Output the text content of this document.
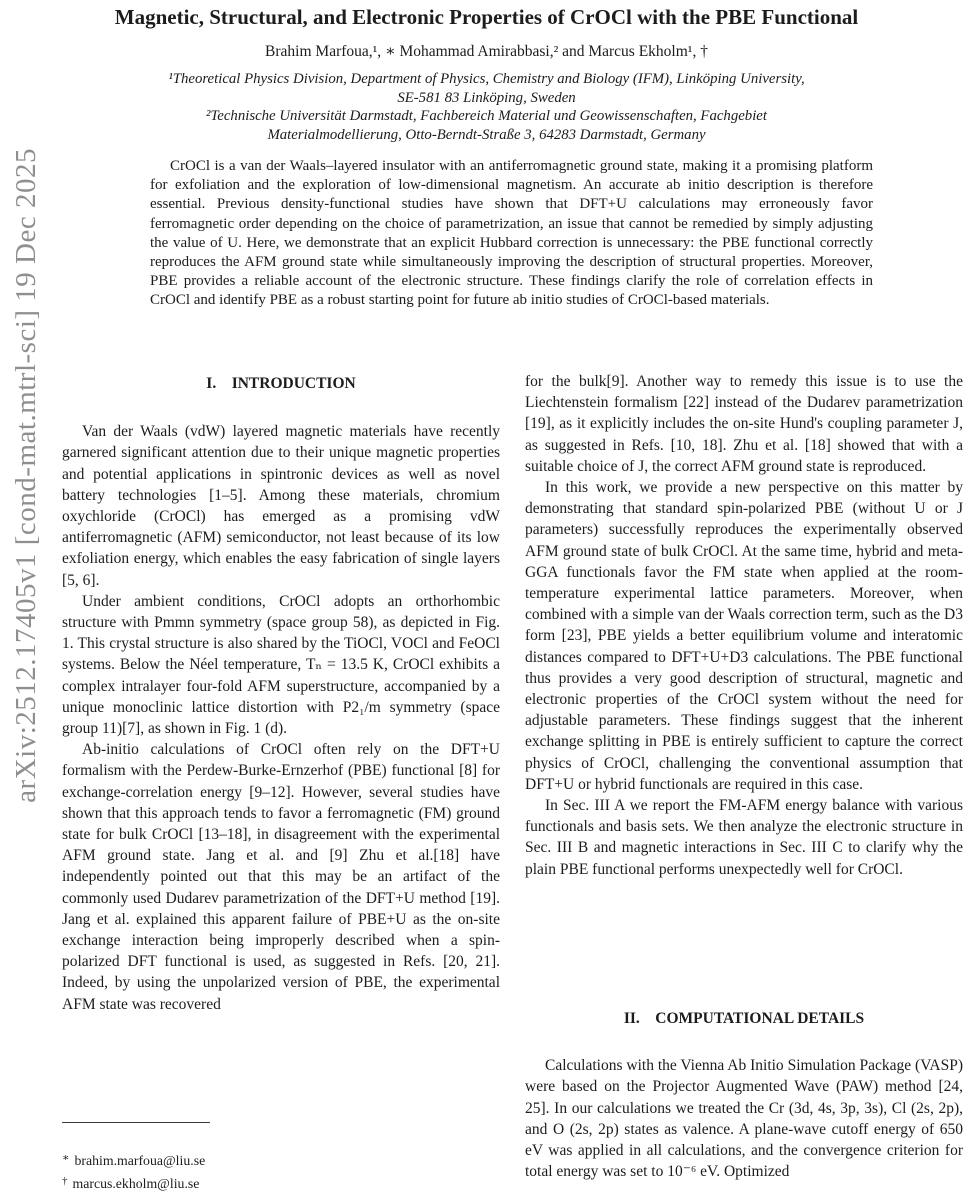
arXiv:2512.17405v1 [cond-mat.mtrl-sci] 19 Dec 2025
Magnetic, Structural, and Electronic Properties of CrOCl with the PBE Functional
Brahim Marfoua,¹, ∗ Mohammad Amirabbasi,² and Marcus Ekholm¹, †
¹Theoretical Physics Division, Department of Physics, Chemistry and Biology (IFM), Linköping University, SE-581 83 Linköping, Sweden
²Technische Universität Darmstadt, Fachbereich Material und Geowissenschaften, Fachgebiet Materialmodellierung, Otto-Berndt-Straße 3, 64283 Darmstadt, Germany
CrOCl is a van der Waals–layered insulator with an antiferromagnetic ground state, making it a promising platform for exfoliation and the exploration of low-dimensional magnetism. An accurate ab initio description is therefore essential. Previous density-functional studies have shown that DFT+U calculations may erroneously favor ferromagnetic order depending on the choice of parametrization, an issue that cannot be remedied by simply adjusting the value of U. Here, we demonstrate that an explicit Hubbard correction is unnecessary: the PBE functional correctly reproduces the AFM ground state while simultaneously improving the description of structural properties. Moreover, PBE provides a reliable account of the electronic structure. These findings clarify the role of correlation effects in CrOCl and identify PBE as a robust starting point for future ab initio studies of CrOCl-based materials.
I. INTRODUCTION

Van der Waals (vdW) layered magnetic materials have recently garnered significant attention due to their unique magnetic properties and potential applications in spintronic devices as well as novel battery technologies [1–5]. Among these materials, chromium oxychloride (CrOCl) has emerged as a promising vdW antiferromagnetic (AFM) semiconductor, not least because of its low exfoliation energy, which enables the easy fabrication of single layers [5, 6].

Under ambient conditions, CrOCl adopts an orthorhombic structure with Pmmn symmetry (space group 58), as depicted in Fig. 1. This crystal structure is also shared by the TiOCl, VOCl and FeOCl systems. Below the Néel temperature, Tₙ = 13.5 K, CrOCl exhibits a complex intralayer four-fold AFM superstructure, accompanied by a unique monoclinic lattice distortion with P2₁/m symmetry (space group 11)[7], as shown in Fig. 1 (d).

Ab-initio calculations of CrOCl often rely on the DFT+U formalism with the Perdew-Burke-Ernzerhof (PBE) functional [8] for exchange-correlation energy [9–12]. However, several studies have shown that this approach tends to favor a ferromagnetic (FM) ground state for bulk CrOCl [13–18], in disagreement with the experimental AFM ground state. Jang et al. and [9] Zhu et al.[18] have independently pointed out that this may be an artifact of the commonly used Dudarev parametrization of the DFT+U method [19]. Jang et al. explained this apparent failure of PBE+U as the on-site exchange interaction being improperly described when a spin-polarized DFT functional is used, as suggested in Refs. [20, 21]. Indeed, by using the unpolarized version of PBE, the experimental AFM state was recovered

for the bulk[9]. Another way to remedy this issue is to use the Liechtenstein formalism [22] instead of the Dudarev parametrization [19], as it explicitly includes the on-site Hund's coupling parameter J, as suggested in Refs. [10, 18]. Zhu et al. [18] showed that with a suitable choice of J, the correct AFM ground state is reproduced.

In this work, we provide a new perspective on this matter by demonstrating that standard spin-polarized PBE (without U or J parameters) successfully reproduces the experimentally observed AFM ground state of bulk CrOCl. At the same time, hybrid and meta-GGA functionals favor the FM state when applied at the room-temperature experimental lattice parameters. Moreover, when combined with a simple van der Waals correction term, such as the D3 form [23], PBE yields a better equilibrium volume and interatomic distances compared to DFT+U+D3 calculations. The PBE functional thus provides a very good description of structural, magnetic and electronic properties of the CrOCl system without the need for adjustable parameters. These findings suggest that the inherent exchange splitting in PBE is entirely sufficient to capture the correct physics of CrOCl, challenging the conventional assumption that DFT+U or hybrid functionals are required in this case.

In Sec. III A we report the FM-AFM energy balance with various functionals and basis sets. We then analyze the electronic structure in Sec. III B and magnetic interactions in Sec. III C to clarify why the plain PBE functional performs unexpectedly well for CrOCl.

II. COMPUTATIONAL DETAILS

Calculations with the Vienna Ab Initio Simulation Package (VASP) were based on the Projector Augmented Wave (PAW) method [24, 25]. In our calculations we treated the Cr (3d, 4s, 3p, 3s), Cl (2s, 2p), and O (2s, 2p) states as valence. A plane-wave cutoff energy of 650 eV was applied in all calculations, and the convergence criterion for total energy was set to 10⁻⁶ eV. Optimized

∗ brahim.marfoua@liu.se
† marcus.ekholm@liu.se
